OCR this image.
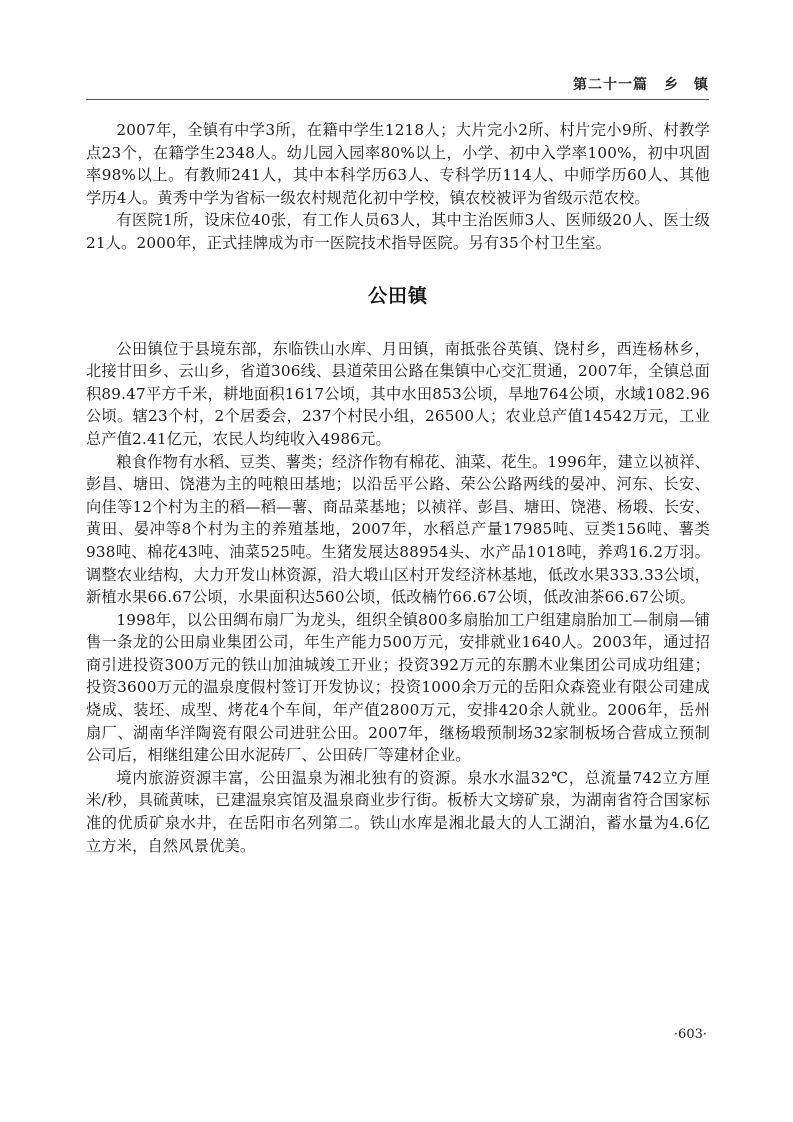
第二十一篇 乡　镇

2007年，全镇有中学3所，在籍中学生1218人；大片完小2所、村片完小9所、村教学点23个，在籍学生2348人。幼儿园入园率80%以上，小学、初中入学率100%，初中巩固率98%以上。有教师241人，其中本科学历63人、专科学历114人、中师学历60人、其他学历4人。黄秀中学为省标一级农村规范化初中学校，镇农校被评为省级示范农校。

有医院1所，设床位40张，有工作人员63人，其中主治医师3人、医师级20人、医士级21人。2000年，正式挂牌成为市一医院技术指导医院。另有35个村卫生室。

公田镇

公田镇位于县境东部，东临铁山水库、月田镇，南抵张谷英镇、饶村乡，西连杨林乡，北接甘田乡、云山乡，省道306线、县道荣田公路在集镇中心交汇贯通，2007年，全镇总面积89.47平方千米，耕地面积1617公顷，其中水田853公顷，旱地764公顷，水域1082.96公顷。辖23个村，2个居委会，237个村民小组，26500人；农业总产值14542万元，工业总产值2.41亿元，农民人均纯收入4986元。

粮食作物有水稻、豆类、薯类；经济作物有棉花、油菜、花生。1996年，建立以祯祥、彭昌、塘田、饶港为主的吨粮田基地；以沿岳平公路、荣公公路两线的晏冲、河东、长安、向佳等12个村为主的稻—稻—薯、商品菜基地；以祯祥、彭昌、塘田、饶港、杨塅、长安、黄田、晏冲等8个村为主的养殖基地，2007年，水稻总产量17985吨、豆类156吨、薯类938吨、棉花43吨、油菜525吨。生猪发展达88954头、水产品1018吨，养鸡16.2万羽。调整农业结构，大力开发山林资源，沿大塅山区村开发经济林基地，低改水果333.33公顷，新植水果66.67公顷，水果面积达560公顷，低改楠竹66.67公顷，低改油茶66.67公顷。

1998年，以公田绸布扇厂为龙头，组织全镇800多扇胎加工户组建扇胎加工—制扇—铺售一条龙的公田扇业集团公司，年生产能力500万元，安排就业1640人。2003年，通过招商引进投资300万元的铁山加油城竣工开业；投资392万元的东鹏木业集团公司成功组建；投资3600万元的温泉度假村签订开发协议；投资1000余万元的岳阳众森瓷业有限公司建成烧成、装坯、成型、烤花4个车间，年产值2800万元，安排420余人就业。2006年，岳州扇厂、湖南华洋陶瓷有限公司进驻公田。2007年，继杨塅预制场32家制板场合营成立预制公司后，相继组建公田水泥砖厂、公田砖厂等建材企业。

境内旅游资源丰富，公田温泉为湘北独有的资源。泉水水温32℃，总流量742立方厘米/秒，具硫黄味，已建温泉宾馆及温泉商业步行街。板桥大文塝矿泉，为湖南省符合国家标准的优质矿泉水井，在岳阳市名列第二。铁山水库是湘北最大的人工湖泊，蓄水量为4.6亿立方米，自然风景优美。

·603·
